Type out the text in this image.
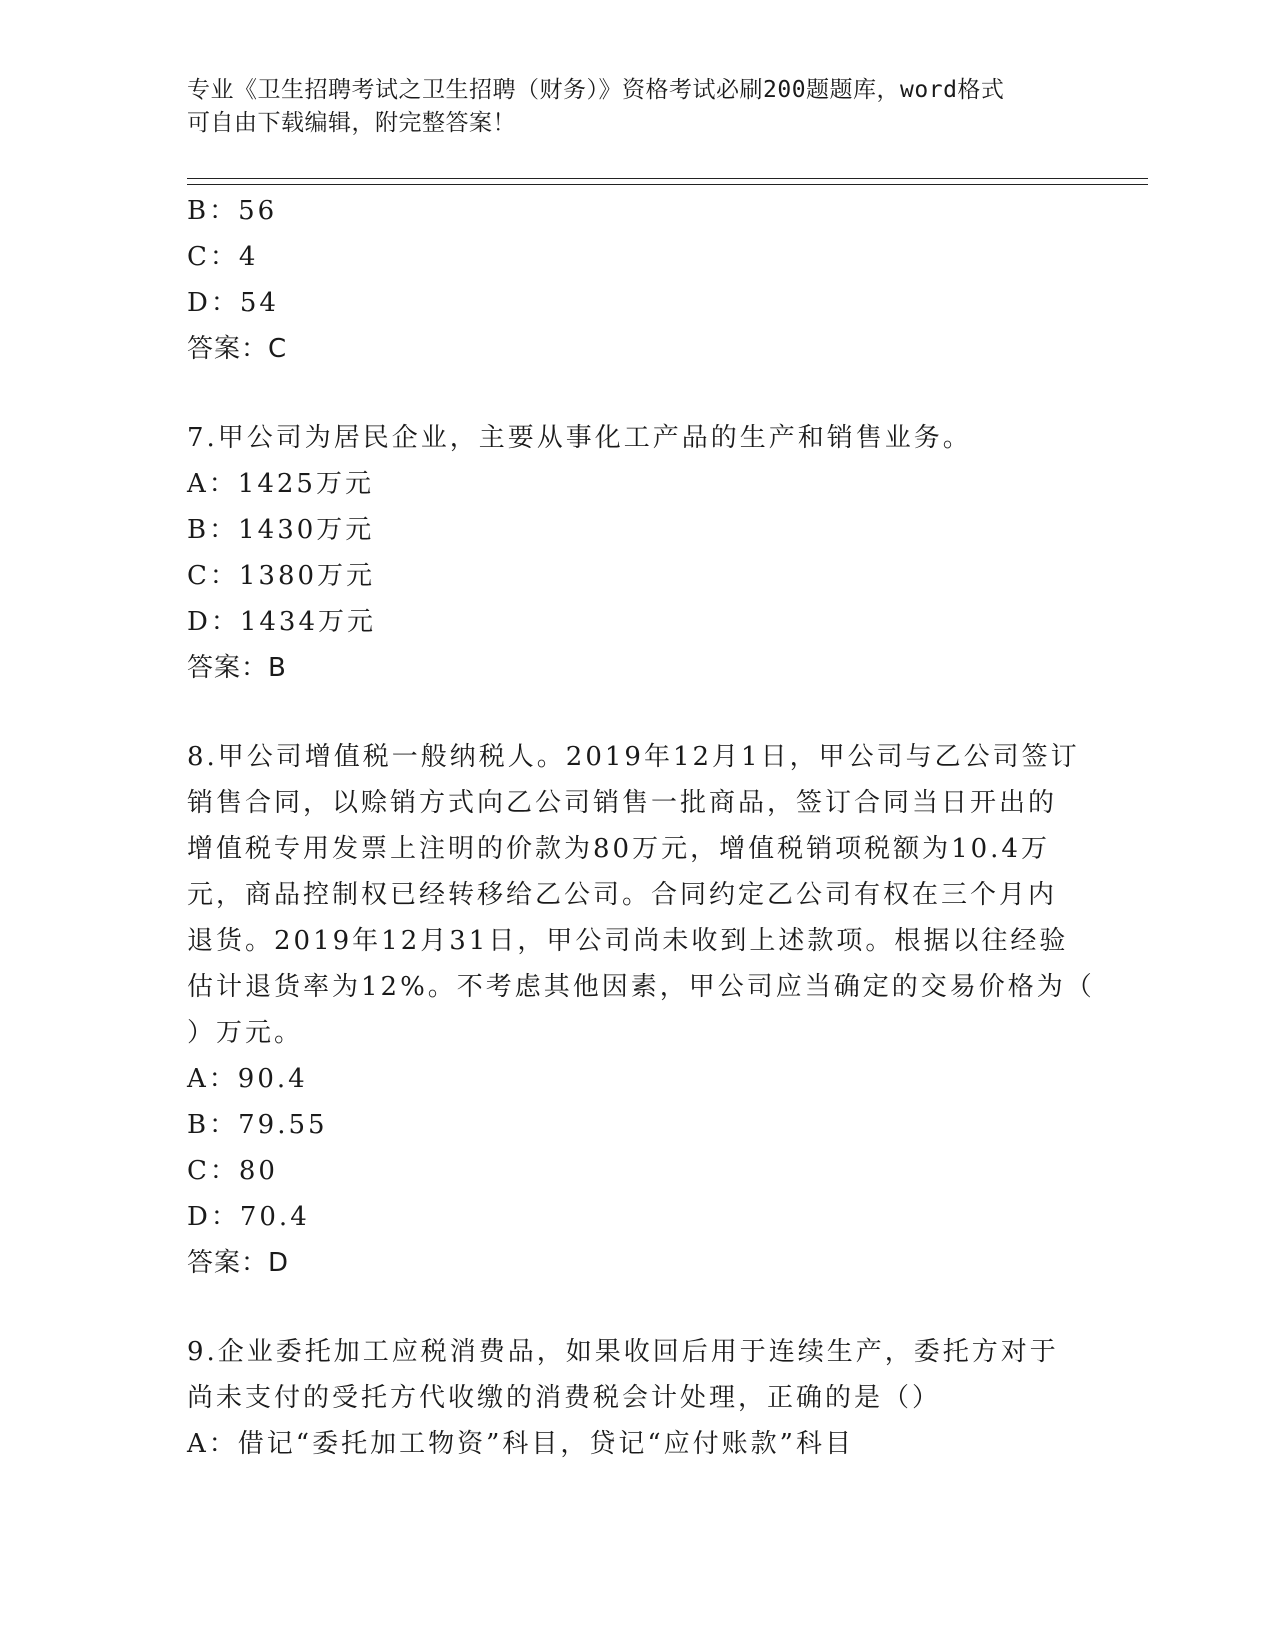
专业《卫生招聘考试之卫生招聘（财务）》资格考试必刷200题题库，word格式
可自由下载编辑，附完整答案！
B：56
C：4
D：54
答案：C
7.甲公司为居民企业，主要从事化工产品的生产和销售业务。
A：1425万元
B：1430万元
C：1380万元
D：1434万元
答案：B
8.甲公司增值税一般纳税人。2019年12月1日，甲公司与乙公司签订
销售合同，以赊销方式向乙公司销售一批商品，签订合同当日开出的
增值税专用发票上注明的价款为80万元，增值税销项税额为10.4万
元，商品控制权已经转移给乙公司。合同约定乙公司有权在三个月内
退货。2019年12月31日，甲公司尚未收到上述款项。根据以往经验
估计退货率为12%。不考虑其他因素，甲公司应当确定的交易价格为（
）万元。
A：90.4
B：79.55
C：80
D：70.4
答案：D
9.企业委托加工应税消费品，如果收回后用于连续生产，委托方对于
尚未支付的受托方代收缴的消费税会计处理，正确的是（）
A：借记“委托加工物资”科目，贷记“应付账款”科目
